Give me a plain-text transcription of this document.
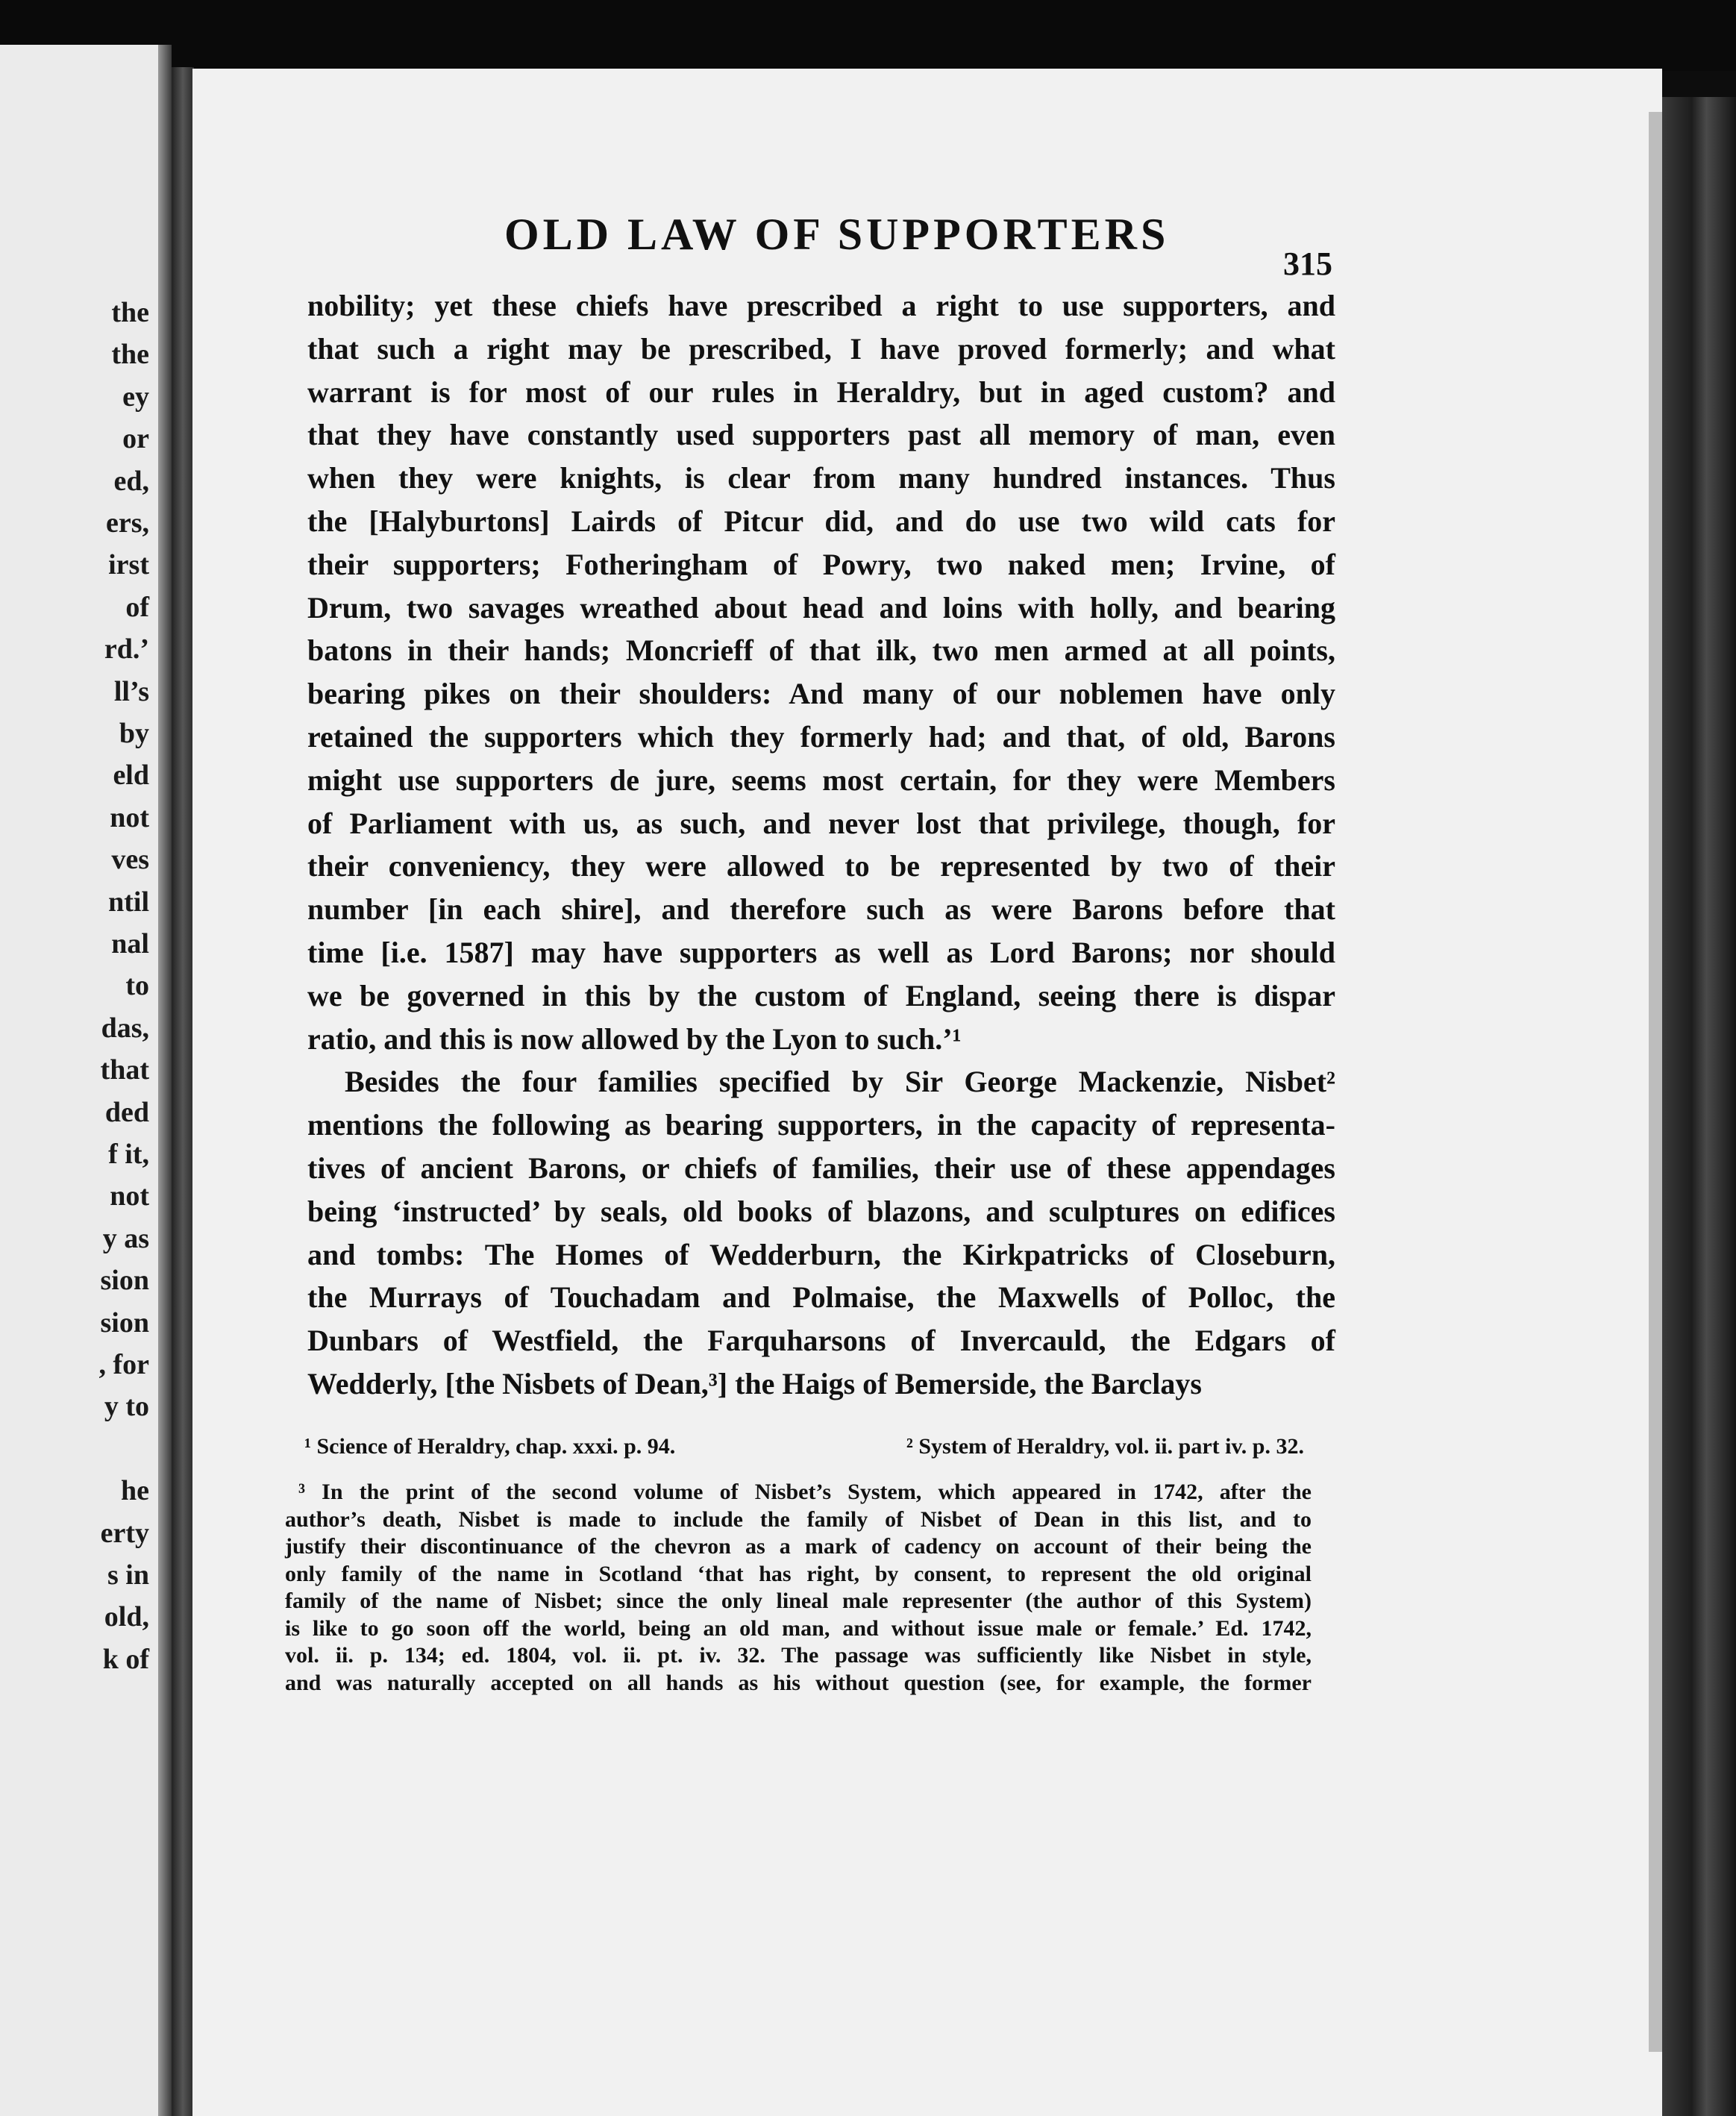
the
the
ey
or
ed,
ers,
irst
of
rd.’
ll’s
by
eld
not
ves
ntil
nal
to
das,
that
ded
f it,
not
y as
sion
sion
, for
y to
he
erty
s in
old,
k of
OLD LAW OF SUPPORTERS
315
nobility; yet these chiefs have prescribed a right to use supporters, and
that such a right may be prescribed, I have proved formerly; and what
warrant is for most of our rules in Heraldry, but in aged custom? and
that they have constantly used supporters past all memory of man, even
when they were knights, is clear from many hundred instances. Thus
the [Halyburtons] Lairds of Pitcur did, and do use two wild cats for
their supporters; Fotheringham of Powry, two naked men; Irvine, of
Drum, two savages wreathed about head and loins with holly, and bearing
batons in their hands; Moncrieff of that ilk, two men armed at all points,
bearing pikes on their shoulders: And many of our noblemen have only
retained the supporters which they formerly had; and that, of old, Barons
might use supporters de jure, seems most certain, for they were Members
of Parliament with us, as such, and never lost that privilege, though, for
their conveniency, they were allowed to be represented by two of their
number [in each shire], and therefore such as were Barons before that
time [i.e. 1587] may have supporters as well as Lord Barons; nor should
we be governed in this by the custom of England, seeing there is dispar
ratio, and this is now allowed by the Lyon to such.’¹
Besides the four families specified by Sir George Mackenzie, Nisbet²
mentions the following as bearing supporters, in the capacity of representa-
tives of ancient Barons, or chiefs of families, their use of these appendages
being ‘instructed’ by seals, old books of blazons, and sculptures on edifices
and tombs: The Homes of Wedderburn, the Kirkpatricks of Closeburn,
the Murrays of Touchadam and Polmaise, the Maxwells of Polloc, the
Dunbars of Westfield, the Farquharsons of Invercauld, the Edgars of
Wedderly, [the Nisbets of Dean,³] the Haigs of Bemerside, the Barclays
¹ Science of Heraldry, chap. xxxi. p. 94.	² System of Heraldry, vol. ii. part iv. p. 32.
³ In the print of the second volume of Nisbet’s System, which appeared in 1742, after the
author’s death, Nisbet is made to include the family of Nisbet of Dean in this list, and to
justify their discontinuance of the chevron as a mark of cadency on account of their being the
only family of the name in Scotland ‘that has right, by consent, to represent the old original
family of the name of Nisbet; since the only lineal male representer (the author of this System)
is like to go soon off the world, being an old man, and without issue male or female.’ Ed. 1742,
vol. ii. p. 134; ed. 1804, vol. ii. pt. iv. 32. The passage was sufficiently like Nisbet in style,
and was naturally accepted on all hands as his without question (see, for example, the former
